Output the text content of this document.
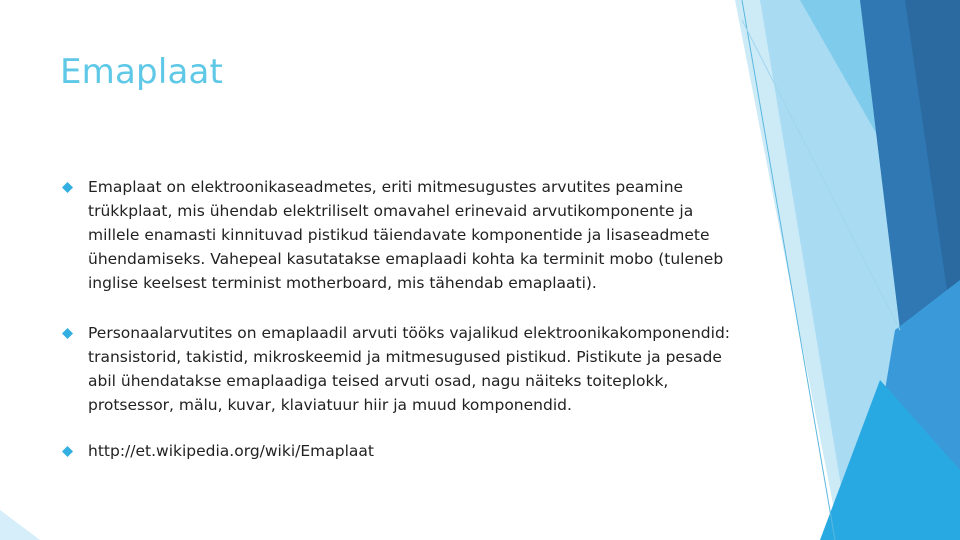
Emaplaat
Emaplaat on elektroonikaseadmetes, eriti mitmesugustes arvutites peamine trükkplaat, mis ühendab elektriliselt omavahel erinevaid arvutikomponente ja millele enamasti kinnituvad pistikud täiendavate komponentide ja lisaseadmete ühendamiseks. Vahepeal kasutatakse emaplaadi kohta ka terminit mobo (tuleneb inglise keelsest terminist motherboard, mis tähendab emaplaati).
Personaalarvutites on emaplaadil arvuti tööks vajalikud elektroonikakomponendid: transistorid, takistid, mikroskeemid ja mitmesugused pistikud. Pistikute ja pesade abil ühendatakse emaplaadiga teised arvuti osad, nagu näiteks toiteplokk, protsessor, mälu, kuvar, klaviatuur hiir ja muud komponendid.
http://et.wikipedia.org/wiki/Emaplaat
